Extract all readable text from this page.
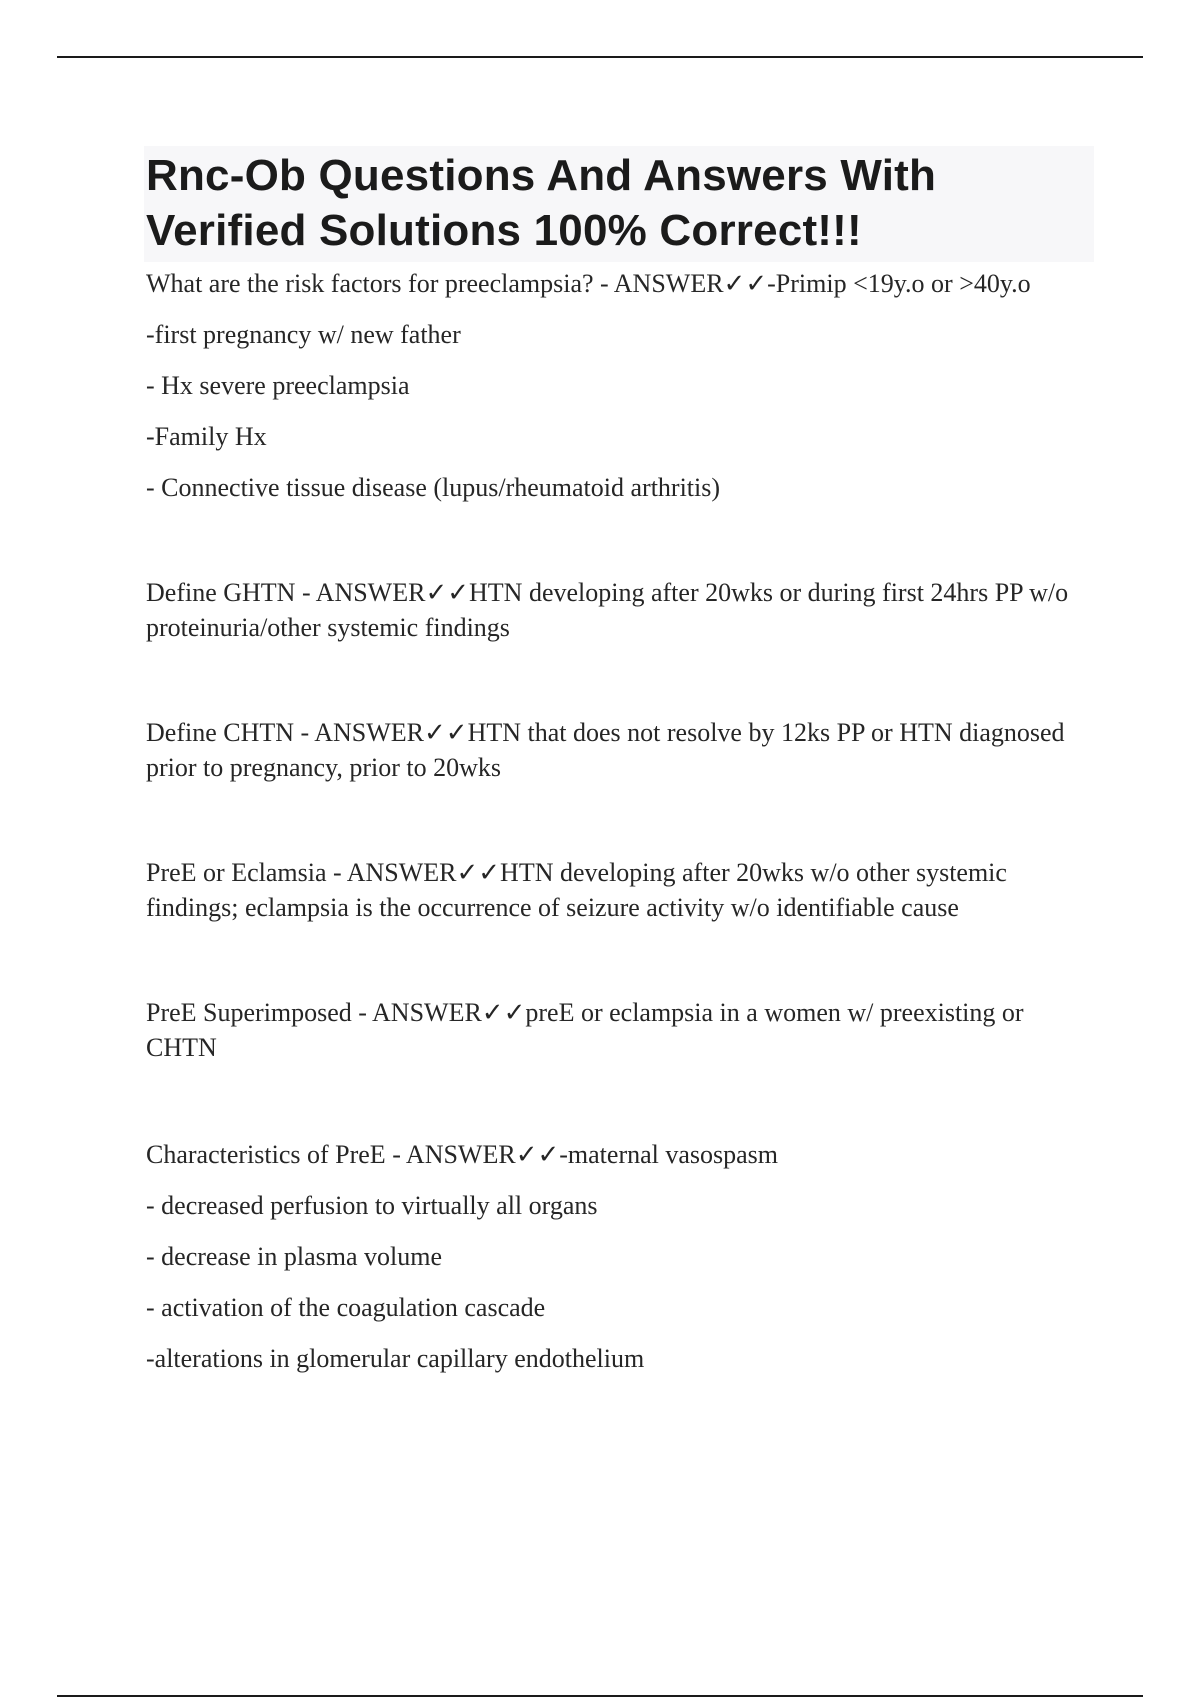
Rnc-Ob Questions And Answers With Verified Solutions 100% Correct!!!

What are the risk factors for preeclampsia? - ANSWER✓✓-Primip <19y.o or >40y.o

-first pregnancy w/ new father

- Hx severe preeclampsia

-Family Hx

- Connective tissue disease (lupus/rheumatoid arthritis)

Define GHTN - ANSWER✓✓HTN developing after 20wks or during first 24hrs PP w/o proteinuria/other systemic findings

Define CHTN - ANSWER✓✓HTN that does not resolve by 12ks PP or HTN diagnosed prior to pregnancy, prior to 20wks

PreE or Eclamsia - ANSWER✓✓HTN developing after 20wks w/o other systemic findings; eclampsia is the occurrence of seizure activity w/o identifiable cause

PreE Superimposed - ANSWER✓✓preE or eclampsia in a women w/ preexisting or CHTN

Characteristics of PreE - ANSWER✓✓-maternal vasospasm

- decreased perfusion to virtually all organs

- decrease in plasma volume

- activation of the coagulation cascade

-alterations in glomerular capillary endothelium
